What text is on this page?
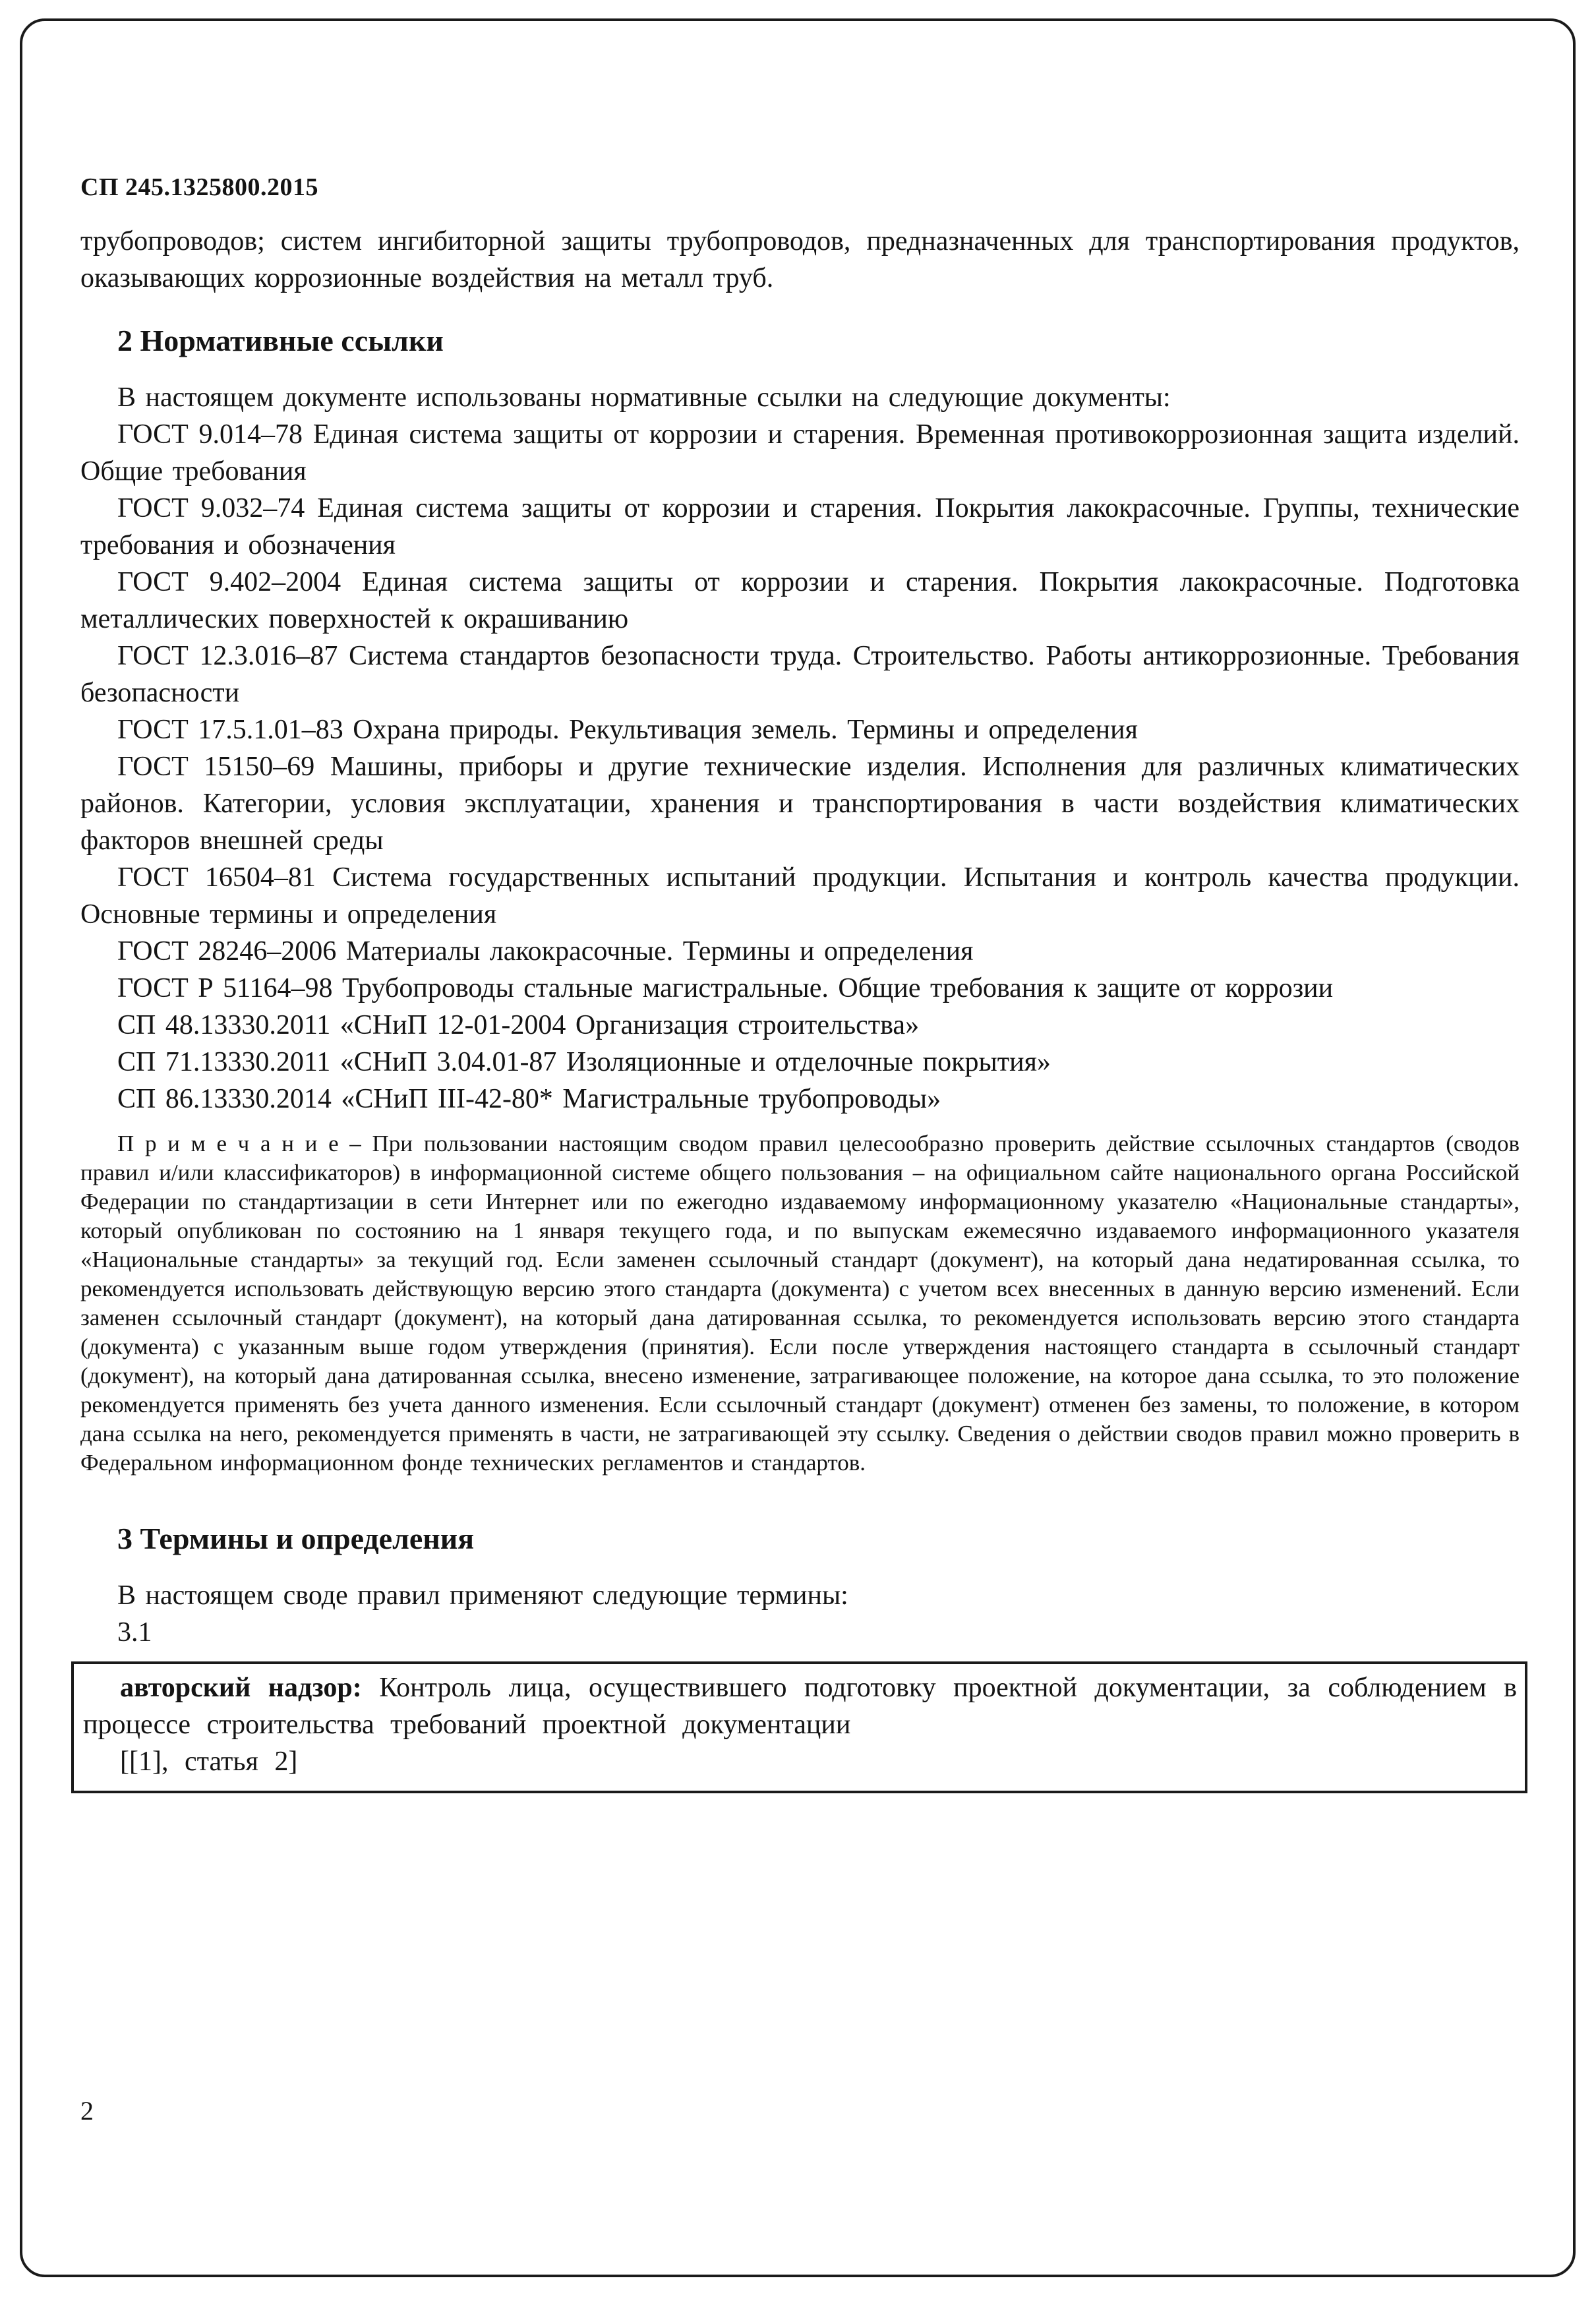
СП 245.1325800.2015

трубопроводов; систем ингибиторной защиты трубопроводов, предназначенных для транспортирования продуктов, оказывающих коррозионные воздействия на металл труб.

2 Нормативные ссылки

В настоящем документе использованы нормативные ссылки на следующие документы:

ГОСТ 9.014–78 Единая система защиты от коррозии и старения. Временная противокоррозионная защита изделий. Общие требования

ГОСТ 9.032–74 Единая система защиты от коррозии и старения. Покрытия лакокрасочные. Группы, технические требования и обозначения

ГОСТ 9.402–2004 Единая система защиты от коррозии и старения. Покрытия лакокрасочные. Подготовка металлических поверхностей к окрашиванию

ГОСТ 12.3.016–87 Система стандартов безопасности труда. Строительство. Работы антикоррозионные. Требования безопасности

ГОСТ 17.5.1.01–83 Охрана природы. Рекультивация земель. Термины и определения

ГОСТ 15150–69 Машины, приборы и другие технические изделия. Исполнения для различных климатических районов. Категории, условия эксплуатации, хранения и транспортирования в части воздействия климатических факторов внешней среды

ГОСТ 16504–81 Система государственных испытаний продукции. Испытания и контроль качества продукции. Основные термины и определения

ГОСТ 28246–2006 Материалы лакокрасочные. Термины и определения

ГОСТ Р 51164–98 Трубопроводы стальные магистральные. Общие требования к защите от коррозии

СП 48.13330.2011 «СНиП 12-01-2004 Организация строительства»

СП 71.13330.2011 «СНиП 3.04.01-87 Изоляционные и отделочные покрытия»

СП 86.13330.2014 «СНиП III-42-80* Магистральные трубопроводы»

П р и м е ч а н и е – При пользовании настоящим сводом правил целесообразно проверить действие ссылочных стандартов (сводов правил и/или классификаторов) в информационной системе общего пользования – на официальном сайте национального органа Российской Федерации по стандартизации в сети Интернет или по ежегодно издаваемому информационному указателю «Национальные стандарты», который опубликован по состоянию на 1 января текущего года, и по выпускам ежемесячно издаваемого информационного указателя «Национальные стандарты» за текущий год. Если заменен ссылочный стандарт (документ), на который дана недатированная ссылка, то рекомендуется использовать действующую версию этого стандарта (документа) с учетом всех внесенных в данную версию изменений. Если заменен ссылочный стандарт (документ), на который дана датированная ссылка, то рекомендуется использовать версию этого стандарта (документа) с указанным выше годом утверждения (принятия). Если после утверждения настоящего стандарта в ссылочный стандарт (документ), на который дана датированная ссылка, внесено изменение, затрагивающее положение, на которое дана ссылка, то это положение рекомендуется применять без учета данного изменения. Если ссылочный стандарт (документ) отменен без замены, то положение, в котором дана ссылка на него, рекомендуется применять в части, не затрагивающей эту ссылку. Сведения о действии сводов правил можно проверить в Федеральном информационном фонде технических регламентов и стандартов.

3 Термины и определения

В настоящем своде правил применяют следующие термины:

3.1

авторский надзор: Контроль лица, осуществившего подготовку проектной документации, за соблюдением в процессе строительства требований проектной документации

[[1], статья 2]

2
